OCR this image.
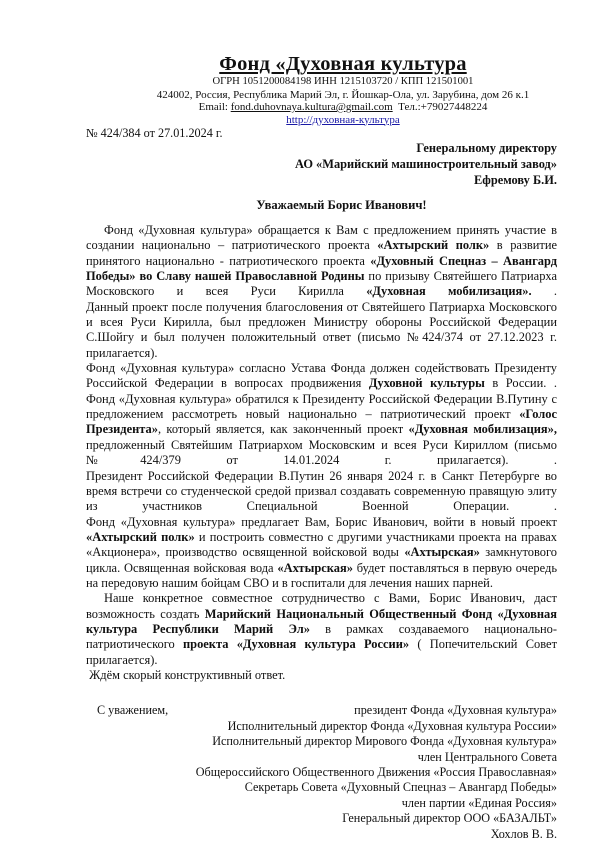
Фонд «Духовная культура
ОГРН 1051200084198 ИНН 1215103720 / КПП 121501001
424002, Россия, Республика Марий Эл, г. Йошкар-Ола, ул. Зарубина, дом 26 к.1
Email: fond.duhovnaya.kultura@gmail.com  Тел.:+79027448224
http://духовная-культура
№ 424/384 от 27.01.2024 г.
Генеральному директору
АО «Марийский машиностроительный завод»
Ефремову Б.И.
Уважаемый Борис Иванович!

Фонд «Духовная культура» обращается к Вам с предложением принять участие в создании национально – патриотического проекта «Ахтырский полк» в развитие принятого национально - патриотического проекта «Духовный Спецназ – Авангард Победы» во Славу нашей Православной Родины по призыву Святейшего Патриарха Московского и всея Руси Кирилла «Духовная мобилизация». .

Данный проект после получения благословения от Святейшего Патриарха Московского и всея Руси Кирилла, был предложен Министру обороны Российской Федерации С.Шойгу и был получен положительный ответ (письмо №424/374 от 27.12.2023 г. прилагается).

Фонд «Духовная культура» согласно Устава Фонда должен содействовать Президенту Российской Федерации в вопросах продвижения Духовной культуры в России. .

Фонд «Духовная культура» обратился к Президенту Российской Федерации В.Путину с предложением рассмотреть новый национально – патриотический проект «Голос Президента», который является, как законченный проект «Духовная мобилизация», предложенный Святейшим Патриархом Московским и всея Руси Кириллом (письмо №424/379 от 14.01.2024 г. прилагается).	.

Президент Российской Федерации В.Путин 26 января 2024 г. в Санкт Петербурге во время встречи со студенческой средой призвал создавать современную правящую элиту из участников Специальной Военной Операции.	.

Фонд «Духовная культура» предлагает Вам, Борис Иванович, войти в новый проект «Ахтырский полк» и построить совместно с другими участниками проекта на правах «Акционера», производство освященной войсковой воды «Ахтырская» замкнутового цикла. Освященная войсковая вода «Ахтырская» будет поставляться в первую очередь на передовую нашим бойцам СВО и в госпитали для лечения наших парней.

Наше конкретное совместное сотрудничество с Вами, Борис Иванович, даст возможность создать Марийский Национальный Общественный Фонд «Духовная культура Республики Марий Эл» в рамках создаваемого национально- патриотического проекта «Духовная культура России» ( Попечительский Совет прилагается).

Ждём скорый конструктивный ответ.

С уважением,	президент Фонда «Духовная культура»
Исполнительный директор Фонда «Духовная культура России»
Исполнительный директор Мирового Фонда «Духовная культура»
член Центрального Совета
Общероссийского Общественного Движения «Россия Православная»
Секретарь Совета «Духовный Спецназ – Авангард Победы»
член партии «Единая Россия»
Генеральный директор ООО «БАЗАЛЬТ»
Хохлов В. В.
